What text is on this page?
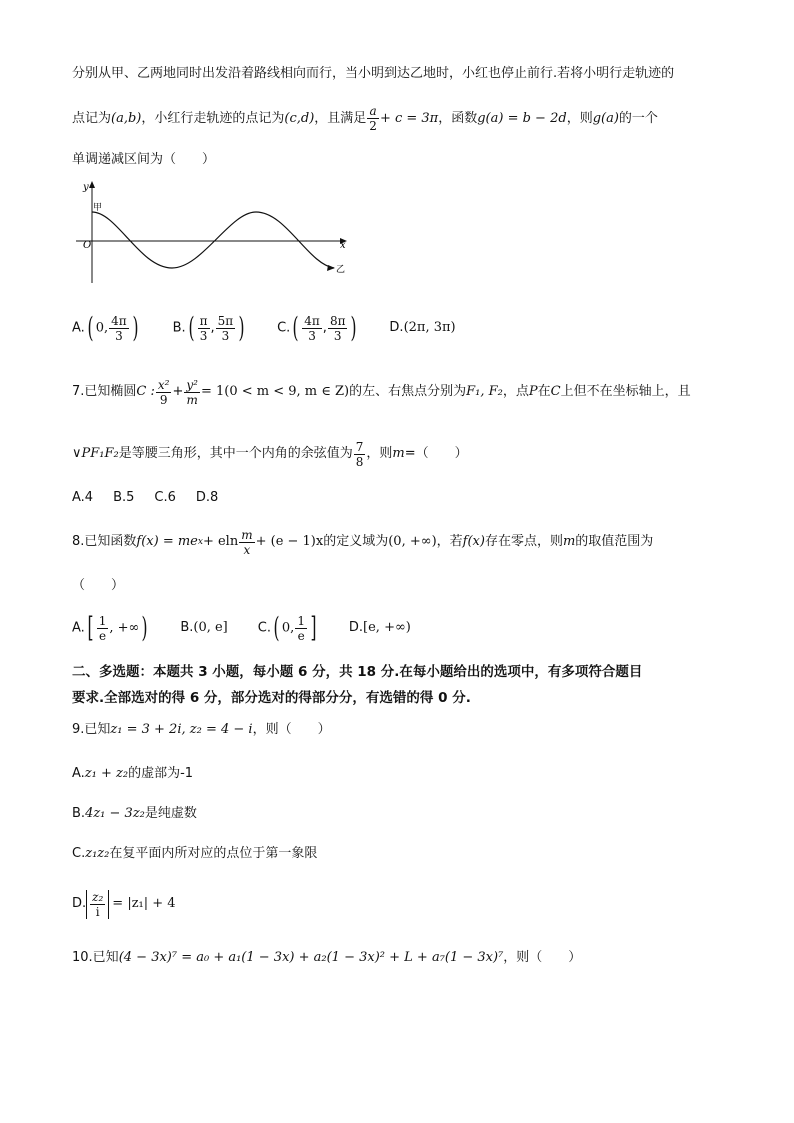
分别从甲、乙两地同时出发沿着路线相向而行，当小明到达乙地时，小红也停止前行.若将小明行走轨迹的
点记为(a,b)，小红行走轨迹的点记为(c,d)，且满足 $\frac{a}{2} + c = 3\pi$，函数g(a) = b − 2d，则g(a)的一个
单调递减区间为（　　）
y
x
O
甲
乙
A.( 0, $\frac{4\pi}{3}$ )	$B.( \frac{\pi}{3}$ , $\frac{5\pi}{3}$ ) $C.( \frac{4\pi}{3}$ , $\frac{8\pi}{3}$ ) D.(2π, 3π)
7.已知椭圆 C : $\frac{\text{x²}}{9} + \frac{\text{y²}}{m} = 1(0 < m < 9$, m ∈ Z) 的左、右焦点分别为 F₁, F₂ ，点 P 在 C 上但不在坐标轴上，且
∨PF₁F₂ 是等腰三角形，其中一个内角的余弦值为 $\frac{7}{8}$ ，则 m =（　　）
A.4 B.5 C.6 D.8
8.已知函数 f(x) = me x + eln $\frac{m}{x} + (e - 1)x$ 的定义域为 (0, +∞) ，若 f(x) 存在零点，则 m 的取值范围为
（　　）
$A.[ \frac{1}{e}$ , +∞) B.(0, e] C.( 0, $\frac{1}{e}$ ] D.[e, +∞)
二、多选题：本题共 3 小题，每小题 6 分，共 18 分.在每小题给出的选项中，有多项符合题目
要求.全部选对的得 6 分，部分选对的得部分分，有选错的得 0 分.
9.已知z₁ = 3 + 2i, z₂ = 4 − i，则（　　）
A.z₁ + z₂的虚部为-1
B.4z₁ − 3z₂是纯虚数
C.z₁z₂在复平面内所对应的点位于第一象限
D. $\frac{\text{z₂}}{i} = |z_1| + 4$
10.已知(4 − 3x)⁷ = a₀ + a₁(1 − 3x) + a₂(1 − 3x)² + L + a₇(1 − 3x)⁷，则（　　）
